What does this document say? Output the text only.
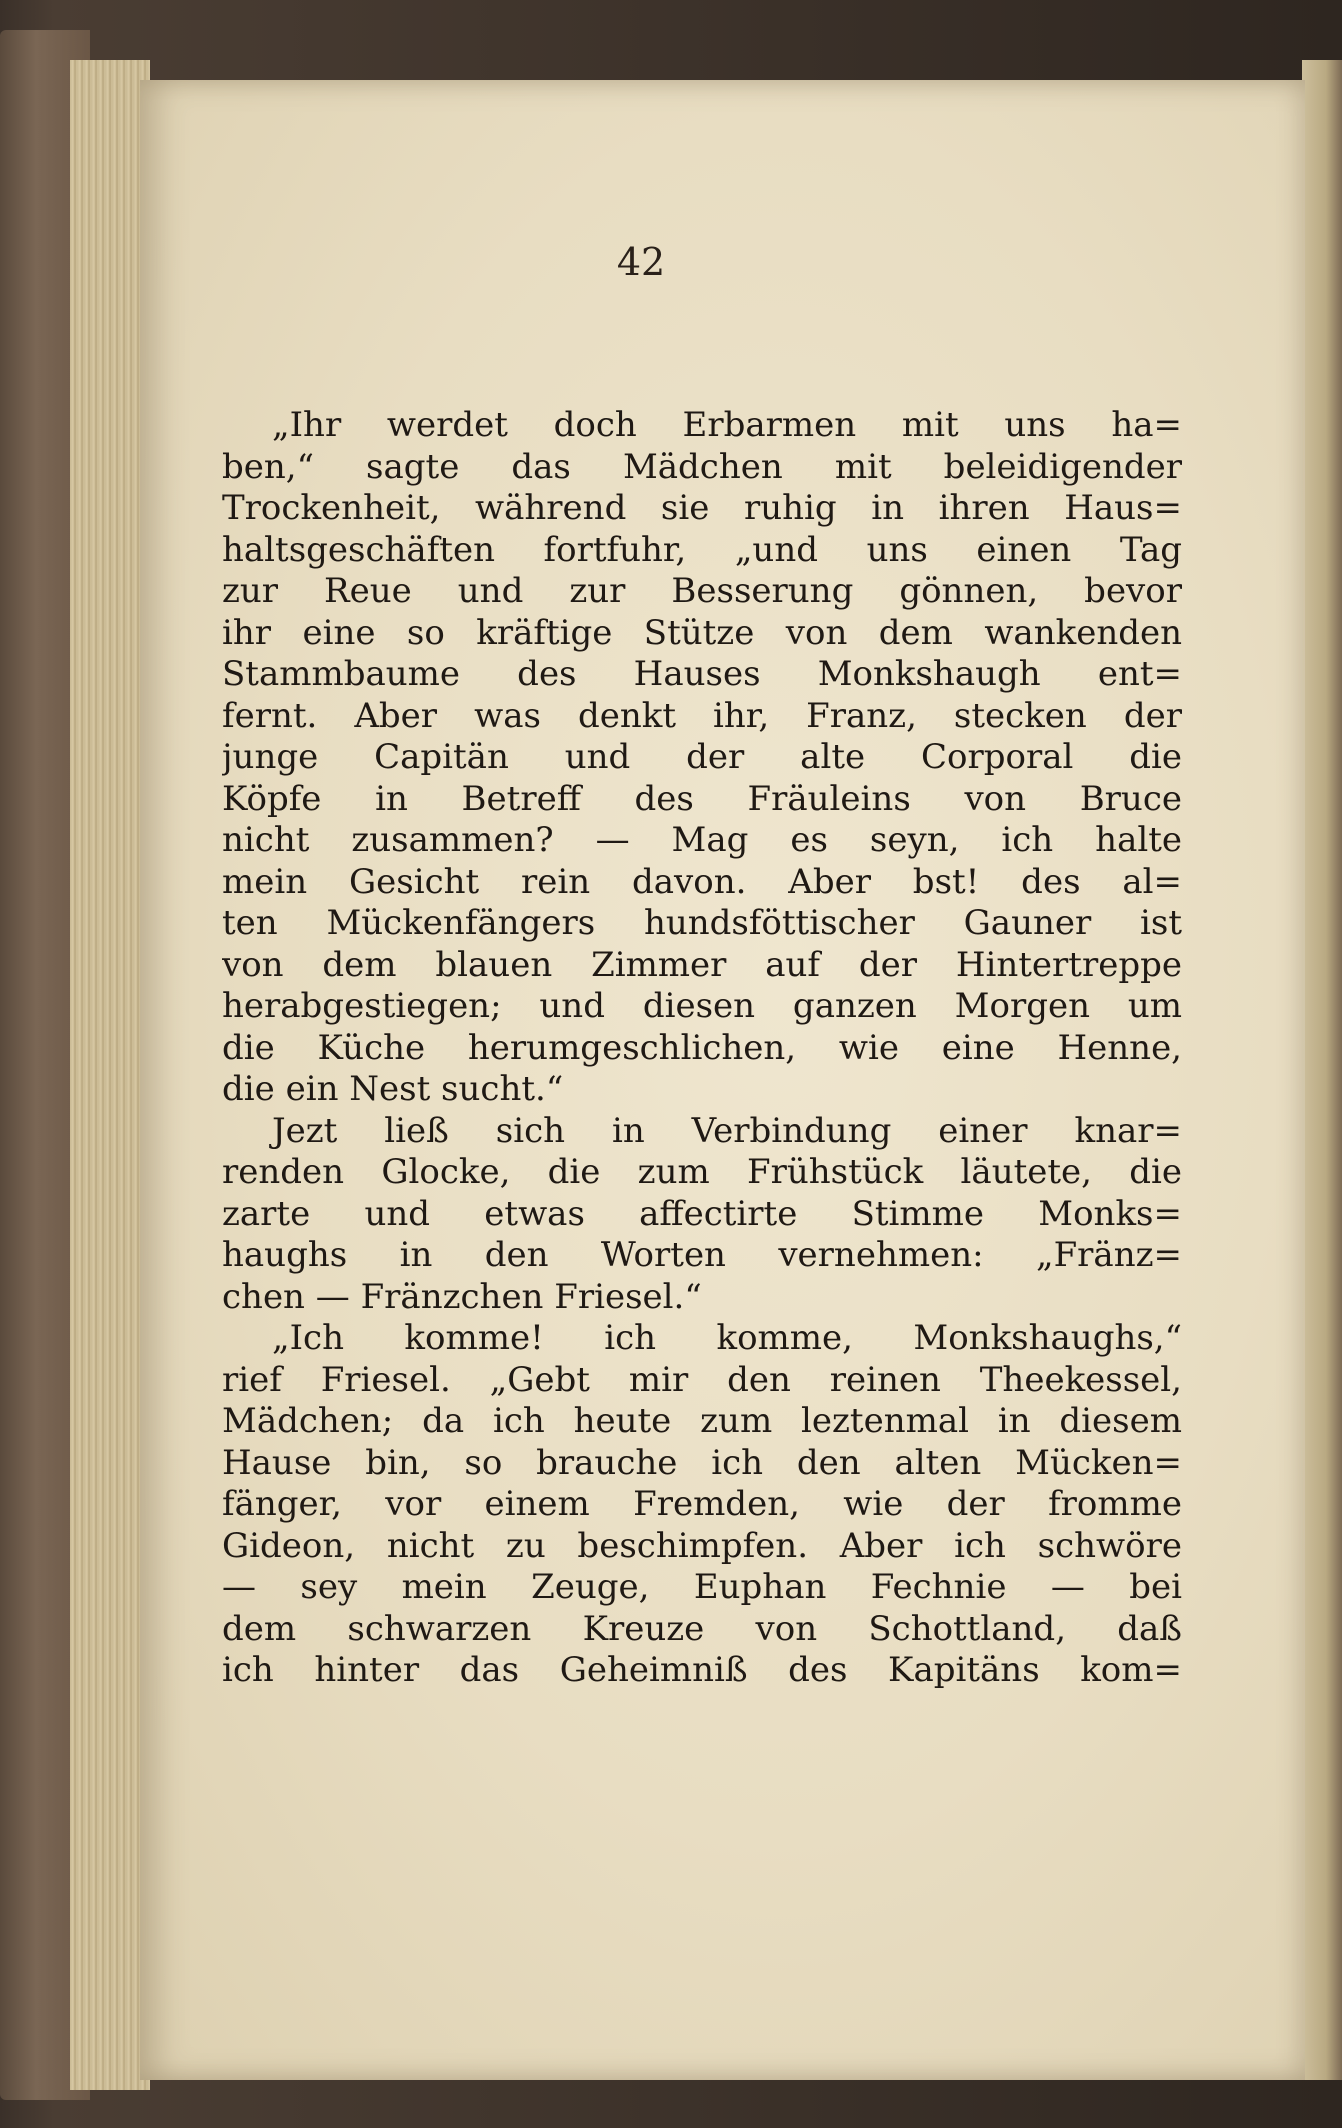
42
„Ihr werdet doch Erbarmen mit uns ha=
ben,“ sagte das Mädchen mit beleidigender
Trockenheit, während sie ruhig in ihren Haus=
haltsgeschäften fortfuhr, „und uns einen Tag
zur Reue und zur Besserung gönnen, bevor
ihr eine so kräftige Stütze von dem wankenden
Stammbaume des Hauses Monkshaugh ent=
fernt. Aber was denkt ihr, Franz, stecken der
junge Capitän und der alte Corporal die
Köpfe in Betreff des Fräuleins von Bruce
nicht zusammen? — Mag es seyn, ich halte
mein Gesicht rein davon. Aber bst! des al=
ten Mückenfängers hundsföttischer Gauner ist
von dem blauen Zimmer auf der Hintertreppe
herabgestiegen; und diesen ganzen Morgen um
die Küche herumgeschlichen, wie eine Henne,
die ein Nest sucht.“
Jezt ließ sich in Verbindung einer knar=
renden Glocke, die zum Frühstück läutete, die
zarte und etwas affectirte Stimme Monks=
haughs in den Worten vernehmen: „Fränz=
chen — Fränzchen Friesel.“
„Ich komme! ich komme, Monkshaughs,“
rief Friesel. „Gebt mir den reinen Theekessel,
Mädchen; da ich heute zum leztenmal in diesem
Hause bin, so brauche ich den alten Mücken=
fänger, vor einem Fremden, wie der fromme
Gideon, nicht zu beschimpfen. Aber ich schwöre
— sey mein Zeuge, Euphan Fechnie — bei
dem schwarzen Kreuze von Schottland, daß
ich hinter das Geheimniß des Kapitäns kom=
